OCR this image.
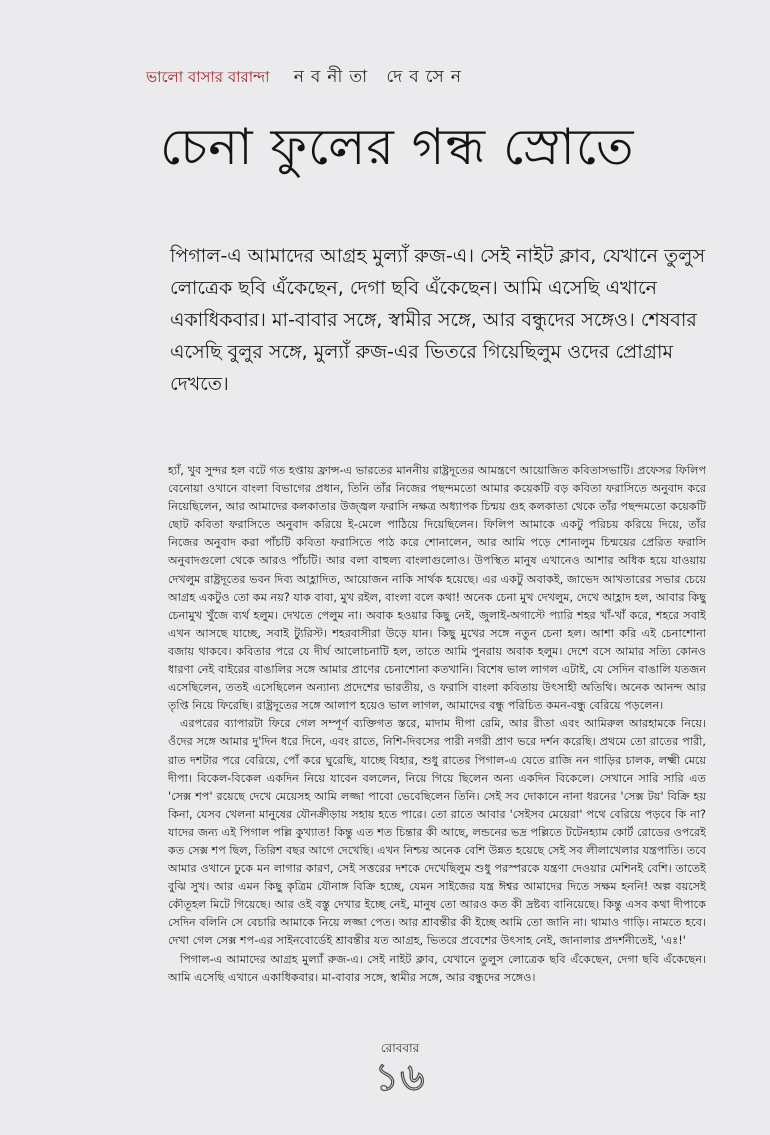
ভালো বাসার বারান্দা নবনীতা দেবসেন
চেনা ফুলের গন্ধ স্রোতে
পিগাল-এ আমাদের আগ্রহ মুল্যাঁ রুজ-এ। সেই নাইট ক্লাব, যেখানে তুলুস লোত্রেক ছবি এঁকেছেন, দেগা ছবি এঁকেছেন। আমি এসেছি এখানে একাধিকবার। মা-বাবার সঙ্গে, স্বামীর সঙ্গে, আর বন্ধুদের সঙ্গেও। শেষবার এসেছি বুলুর সঙ্গে, মুল্যাঁ রুজ-এর ভিতরে গিয়েছিলুম ওদের প্রোগ্রাম দেখতে।

হ্যাঁ, খুব সুন্দর হল বটে গত হপ্তায় ফ্রান্স-এ ভারতের মাননীয় রাষ্ট্রদূতের আমন্ত্রণে আয়োজিত কবিতাসভাটি। প্রফেসর ফিলিপ বেনোয়া ওখানে বাংলা বিভাগের প্রধান, তিনি তাঁর নিজের পছন্দমতো আমার কয়েকটি বড় কবিতা ফরাসিতে অনুবাদ করে নিয়েছিলেন, আর আমাদের কলকাতার উজ্জ্বল ফরাসি নক্ষত্র অধ্যাপক চিন্ময় গুহ কলকাতা থেকে তাঁর পছন্দমতো কয়েকটি ছোট কবিতা ফরাসিতে অনুবাদ করিয়ে ই-মেলে পাঠিয়ে দিয়েছিলেন। ফিলিপ আমাকে একটু পরিচয় করিয়ে দিয়ে, তাঁর নিজের অনুবাদ করা পাঁচটি কবিতা ফরাসিতে পাঠ করে শোনালেন, আর আমি পড়ে শোনালুম চিন্ময়ের প্রেরিত ফরাসি অনুবাদগুলো থেকে আরও পাঁচটি। আর বলা বাহুল্য বাংলাগুলোও। উপস্থিত মানুষ এখানেও আশার অধিক হয়ে যাওয়ায় দেখলুম রাষ্ট্রদূতের ভবন দিব্য আহ্লাদিত, আয়োজন নাকি সার্থক হয়েছে। এর একটু অবাকই, জাভেদ আখতারের সভার চেয়ে আগ্রহ একটুও তো কম নয়? যাক বাবা, মুখ রইল, বাংলা বলে কথা! অনেক চেনা মুখ দেখলুম, দেখে আহ্লাদ হল, আবার কিছু চেনামুখ খুঁজে ব্যর্থ হলুম। দেখতে পেলুম না। অবাক হওয়ার কিছু নেই, জুলাই-অগাস্টে প্যারি শহর খাঁ-খাঁ করে, শহরে সবাই এখন আসছে যাচ্ছে, সবাই ট্যুরিস্ট। শহরবাসীরা উড়ে যান। কিছু মুখের সঙ্গে নতুন চেনা হল। আশা করি এই চেনাশোনা বজায় থাকবে। কবিতার পরে যে দীর্ঘ আলোচনাটি হল, তাতে আমি পুনরায় অবাক হলুম। দেশে বসে আমার সত্যি কোনও ধারণা নেই বাইরের বাঙালির সঙ্গে আমার প্রাণের চেনাশোনা কতখানি। বিশেষ ভাল লাগল এটাই, যে সেদিন বাঙালি যতজন এসেছিলেন, ততই এসেছিলেন অন্যান্য প্রদেশের ভারতীয়, ও ফরাসি বাংলা কবিতায় উৎসাহী অতিথি। অনেক আনন্দ আর তৃপ্তি নিয়ে ফিরেছি। রাষ্ট্রদূতের সঙ্গে আলাপ হয়েও ভাল লাগল, আমাদের বন্ধু পরিচিত কমন-বন্ধু বেরিয়ে পড়লেন।

এরপরের ব্যাপারটা ফিরে গেল সম্পূর্ণ ব্যক্তিগত স্তরে, মাদাম দীপা রেমি, আর রীতা এবং আমিরুল আরহামকে নিয়ে। ওঁদের সঙ্গে আমার দু'দিন ধরে দিনে, এবং রাতে, নিশি-দিবসের পারী নগরী প্রাণ ভরে দর্শন করেছি। প্রথমে তো রাতের পারী, রাত দশটার পরে বেরিয়ে, পোঁ করে ঘুরেছি, যাচ্ছে বিহার, শুধু রাতের পিগাল-এ যেতে রাজি নন গাড়ির চালক, লক্ষ্মী মেয়ে দীপা। বিকেল-বিকেল একদিন নিয়ে যাবেন বললেন, নিয়ে গিয়ে ছিলেন অন্য একদিন বিকেলে। সেখানে সারি সারি এত 'সেক্স শপ' রয়েছে দেখে মেয়েসহ আমি লজ্জা পাবো ভেবেছিলেন তিনি। সেই সব দোকানে নানা ধরনের 'সেক্স টয়' বিক্রি হয় কিনা, যেসব খেলনা মানুষের যৌনক্রীড়ায় সহায় হতে পারে। তো রাতে আবার 'সেইসব মেয়েরা' পথে বেরিয়ে পড়বে কি না? যাদের জন্য এই পিগাল পল্লি কুখ্যাত! কিন্তু এত শত চিন্তার কী আছে, লন্ডনের ভদ্র পল্লিতে টটেনহ্যাম কোর্ট রোডের ওপরেই কত সেক্স শপ ছিল, তিরিশ বছর আগে দেখেছি। এখন নিশ্চয় অনেক বেশি উন্নত হয়েছে সেই সব লীলাখেলার যন্ত্রপাতি। তবে আমার ওখানে ঢুকে মন লাগার কারণ, সেই সত্তরের দশকে দেখেছিলুম শুধু পরস্পরকে যন্ত্রণা দেওয়ার মেশিনই বেশি। তাতেই বুঝি সুখ। আর এমন কিছু কৃত্রিম যৌনাঙ্গ বিক্রি হচ্ছে, যেমন সাইজের যন্ত্র ঈশ্বর আমাদের দিতে সক্ষম হননি! অল্প বয়সেই কৌতূহল মিটে গিয়েছে। আর ওই বস্তু দেখার ইচ্ছে নেই, মানুষ তো আরও কত কী দ্রষ্টব্য বানিয়েছে। কিন্তু এসব কথা দীপাকে সেদিন বলিনি সে বেচারি আমাকে নিয়ে লজ্জা পেত। আর শ্রাবন্তীর কী ইচ্ছে আমি তো জানি না। থামাও গাড়ি। নামতে হবে। দেখা গেল সেক্স শপ-এর সাইনবোর্ডেই শ্রাবন্তীর যত আগ্রহ, ভিতরে প্রবেশের উৎসাহ নেই, জানালার প্রদর্শনীতেই, 'এঃ!'

পিগাল-এ আমাদের আগ্রহ মুল্যাঁ রুজ-এ। সেই নাইট ক্লাব, যেখানে তুলুস লোত্রেক ছবি এঁকেছেন, দেগা ছবি এঁকেছেন। আমি এসেছি এখানে একাধিকবার। মা-বাবার সঙ্গে, স্বামীর সঙ্গে, আর বন্ধুদের সঙ্গেও।

রোববার
১৬
